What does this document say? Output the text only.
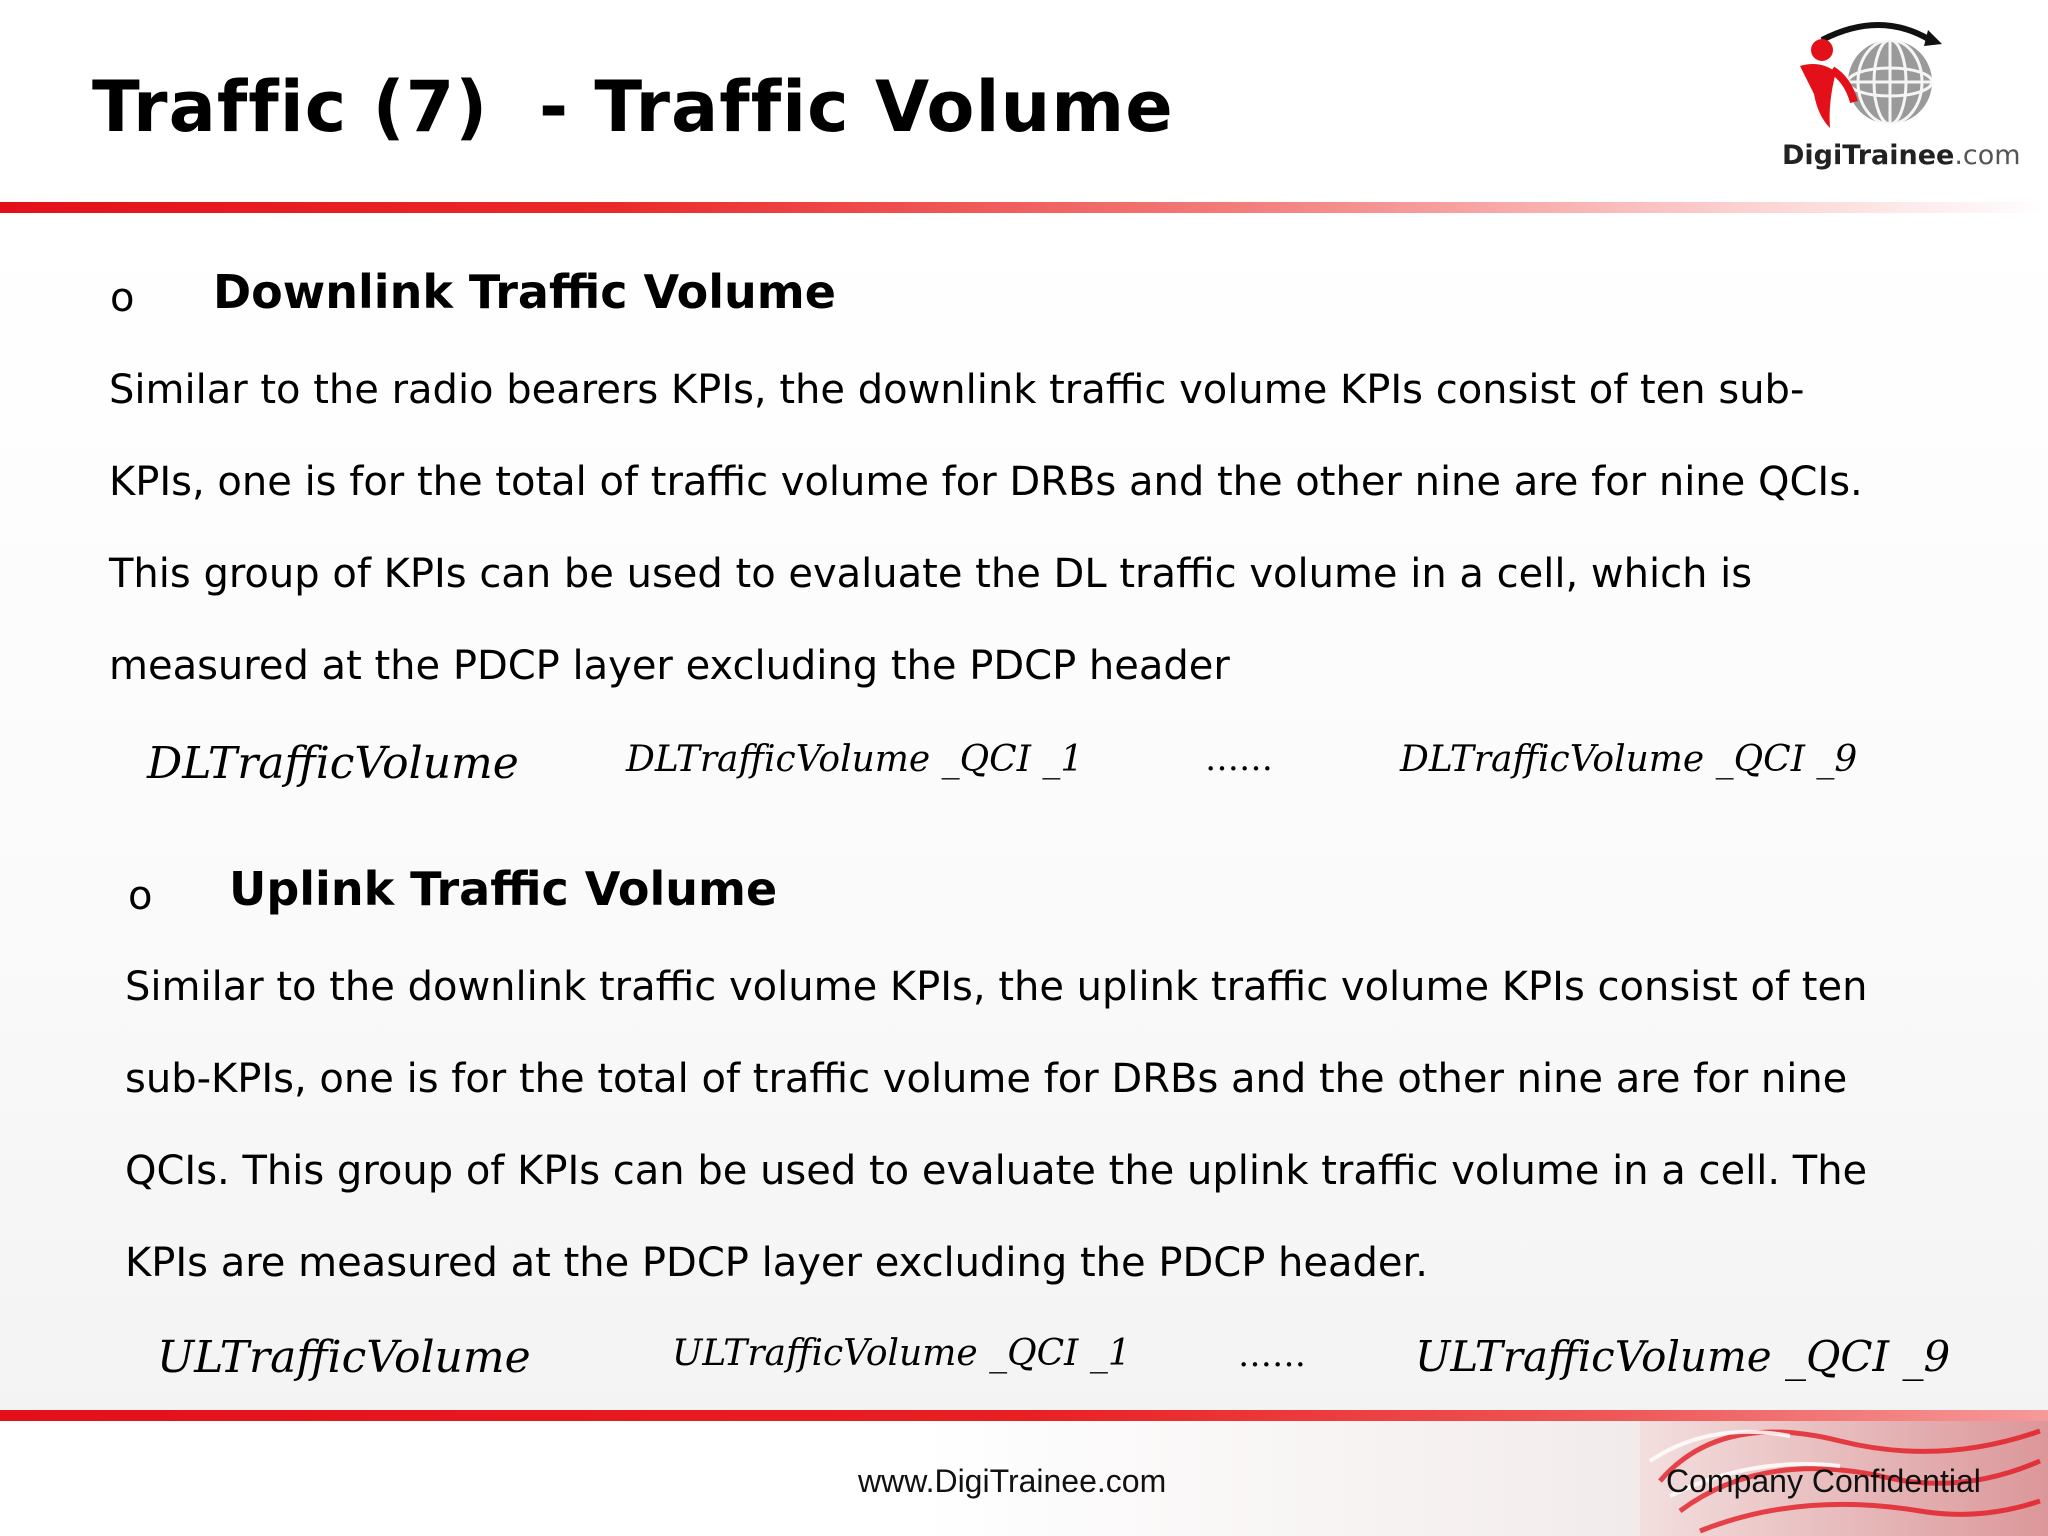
Traffic (7)  - Traffic Volume
DigiTrainee.com
o Downlink Traffic Volume
Similar to the radio bearers KPIs, the downlink traffic volume KPIs consist of ten sub-
KPIs, one is for the total of traffic volume for DRBs and the other nine are for nine QCIs.
This group of KPIs can be used to evaluate the DL traffic volume in a cell, which is
measured at the PDCP layer excluding the PDCP header
DLTrafficVolume	DLTrafficVolume _QCI _1	……	DLTrafficVolume _QCI _9
o Uplink Traffic Volume
Similar to the downlink traffic volume KPIs, the uplink traffic volume KPIs consist of ten
sub-KPIs, one is for the total of traffic volume for DRBs and the other nine are for nine
QCIs. This group of KPIs can be used to evaluate the uplink traffic volume in a cell. The
KPIs are measured at the PDCP layer excluding the PDCP header.
ULTrafficVolume	ULTrafficVolume _QCI _1	……	ULTrafficVolume _QCI _9
www.DigiTrainee.com	Company Confidential
